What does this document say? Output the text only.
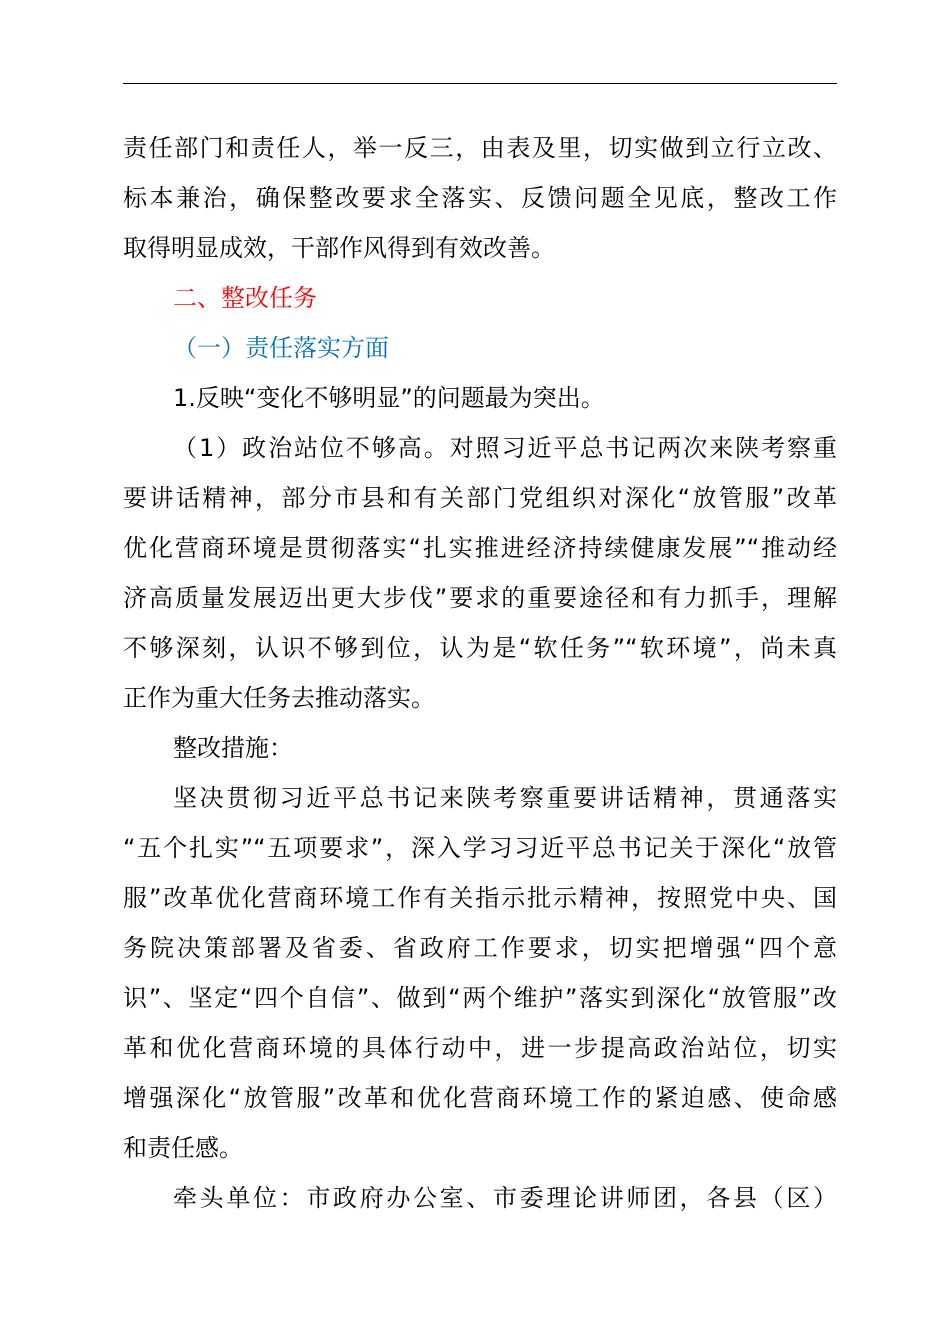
责任部门和责任人，举一反三，由表及里，切实做到立行立改、
标本兼治，确保整改要求全落实、反馈问题全见底，整改工作
取得明显成效，干部作风得到有效改善。
二、整改任务
（一）责任落实方面
1.反映“变化不够明显”的问题最为突出。
（1）政治站位不够高。对照习近平总书记两次来陕考察重
要讲话精神，部分市县和有关部门党组织对深化“放管服”改革
优化营商环境是贯彻落实“扎实推进经济持续健康发展”“推动经
济高质量发展迈出更大步伐”要求的重要途径和有力抓手，理解
不够深刻，认识不够到位，认为是“软任务”“软环境”，尚未真
正作为重大任务去推动落实。
整改措施：
坚决贯彻习近平总书记来陕考察重要讲话精神，贯通落实
“五个扎实”“五项要求”，深入学习习近平总书记关于深化“放管
服”改革优化营商环境工作有关指示批示精神，按照党中央、国
务院决策部署及省委、省政府工作要求，切实把增强“四个意
识”、坚定“四个自信”、做到“两个维护”落实到深化“放管服”改
革和优化营商环境的具体行动中，进一步提高政治站位，切实
增强深化“放管服”改革和优化营商环境工作的紧迫感、使命感
和责任感。
牵头单位：市政府办公室、市委理论讲师团，各县（区）
